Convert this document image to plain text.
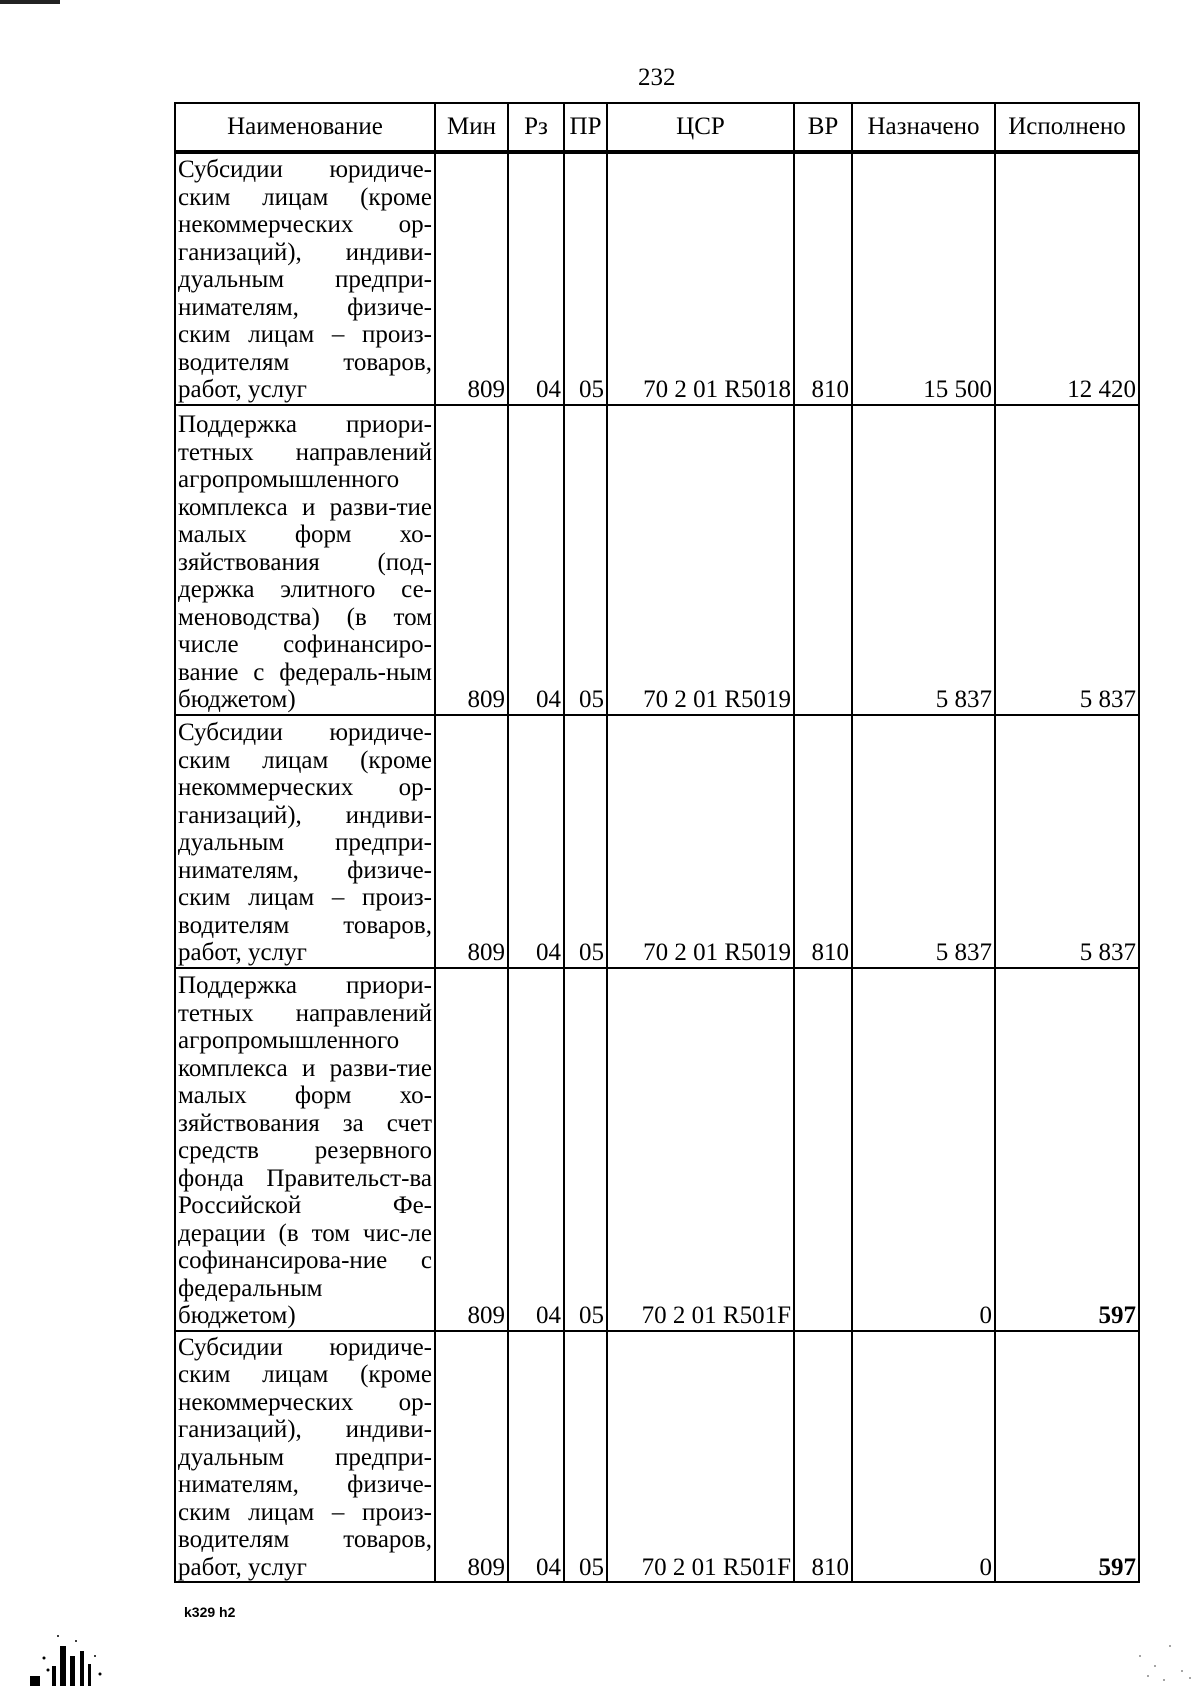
232
Наименование	Мин	Рз	ПР	ЦСР	ВР	Назначено	Исполнено
Субсидии юридиче-ским лицам (кроме некоммерческих ор-ганизаций), индиви-дуальным предпри-нимателям, физиче-ским лицам – произ-водителям товаров, работ, услуг	809	04	05	70 2 01 R5018	810	15 500	12 420
Поддержка приори-тетных направлений агропромышленного комплекса и разви-тие малых форм хо-зяйствования (под-держка элитного се-меноводства) (в том числе софинансиро-вание с федераль-ным бюджетом)	809	04	05	70 2 01 R5019		5 837	5 837
Субсидии юридиче-ским лицам (кроме некоммерческих ор-ганизаций), индиви-дуальным предпри-нимателям, физиче-ским лицам – произ-водителям товаров, работ, услуг	809	04	05	70 2 01 R5019	810	5 837	5 837
Поддержка приори-тетных направлений агропромышленного комплекса и разви-тие малых форм хо-зяйствования за счет средств резервного фонда Правительст-ва Российской Фе-дерации (в том чис-ле софинансирова-ние с федеральным бюджетом)	809	04	05	70 2 01 R501F		0	597
Субсидии юридиче-ским лицам (кроме некоммерческих ор-ганизаций), индиви-дуальным предпри-нимателям, физиче-ским лицам – произ-водителям товаров, работ, услуг	809	04	05	70 2 01 R501F	810	0	597
k329 h2
